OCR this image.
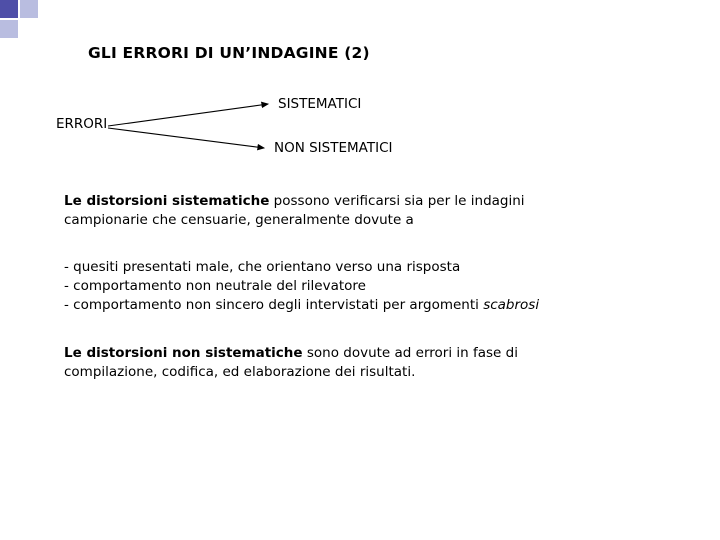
GLI ERRORI DI UN’INDAGINE (2)
ERRORI
SISTEMATICI
NON SISTEMATICI
Le distorsioni sistematiche possono verificarsi sia per le indagini
campionarie che censuarie, generalmente dovute a
- quesiti presentati male, che orientano verso una risposta
- comportamento non neutrale del rilevatore
- comportamento non sincero degli intervistati per argomenti scabrosi
Le distorsioni non sistematiche sono dovute ad errori in fase di
compilazione, codifica, ed elaborazione dei risultati.
